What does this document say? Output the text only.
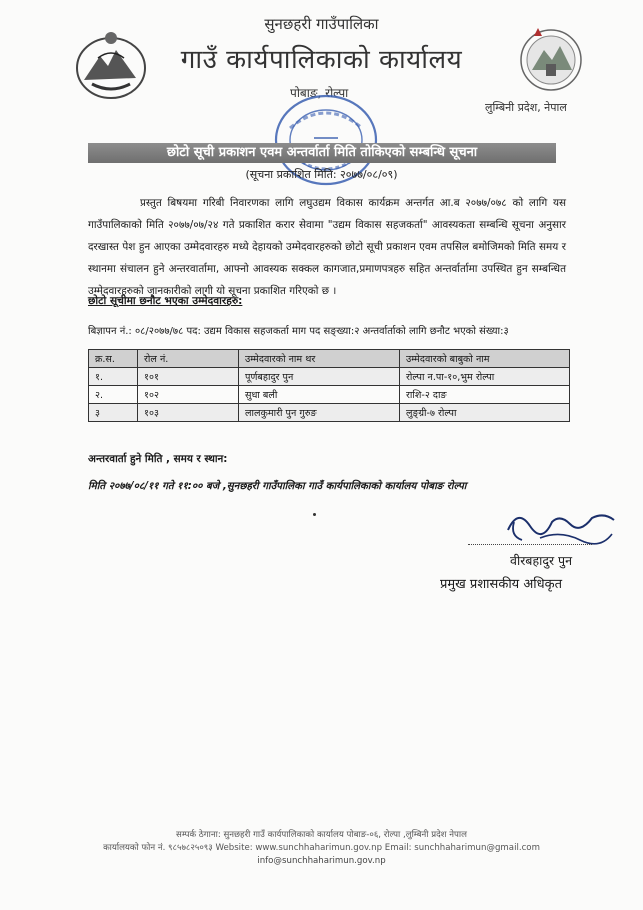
सुनछहरी गाउँपालिका
गाउँ कार्यपालिकाको कार्यालय
पोबाङ, रोल्पा
लुम्बिनी प्रदेश, नेपाल
छोटो सूची प्रकाशन एवम अन्तर्वार्ता मिति तोकिएको सम्बन्धि सूचना
(सूचना प्रकाशित मिति: २०७७/०८/०९)
प्रस्तुत बिषयमा गरिबी निवारणका लागि लघुउद्यम विकास कार्यक्रम अन्तर्गत आ.ब २०७७/०७८ को लागि यस गाउँपालिकाको मिति २०७७/०७/२४ गते प्रकाशित करार सेवामा "उद्यम विकास सहजकर्ता" आवस्यकता सम्बन्धि सूचना अनुसार दरखास्त पेश हुन आएका उम्मेदवारहरु मध्ये देहायको उम्मेदवारहरुको छोटो सूची प्रकाशन एवम तपसिल बमोजिमको मिति समय र स्थानमा संचालन हुने अन्तरवार्तामा, आफ्नो आवस्यक सक्कल कागजात,प्रमाणपत्रहरु सहित अन्तर्वार्तामा उपस्थित हुन सम्बन्धित उम्मेदवारहरुको जानकारीको लागी यो सूचना प्रकाशित गरिएको छ ।
छोटो सूचीमा छनौट भएका उम्मेदवारहरु:
बिज्ञापन नं.: ०८/२०७७/७८ पद: उद्यम विकास सहजकर्ता माग पद सङ्ख्या:२ अन्तर्वार्ताको लागि छनौट भएको संख्या:३
क्र.स.	रोल नं.	उम्मेदवारको नाम थर	उम्मेदवारको बाबुको नाम
१.	१०१	पूर्णबहादुर पुन	रोल्पा न.पा-१०,भुम रोल्पा
२.	१०२	सुधा बली	राशि-२ दाङ
३	१०३	लालकुमारी पुन गुरुङ	लुङ्ग्री-७ रोल्पा
अन्तरवार्ता हुने मिति , समय र स्थान:
मिति २०७७/०८/११ गते ११:०० बजे ,सुनछहरी गाउँपालिका गाउँ कार्यपालिकाको कार्यालय पोबाङ रोल्पा
वीरबहादुर पुन
प्रमुख प्रशासकीय अधिकृत
सम्पर्क ठेगाना: सुनछहरी गाउँ कार्यपालिकाको कार्यालय पोबाङ-०६, रोल्पा ,लुम्बिनी प्रदेश नेपाल
कार्यालयको फोन नं. ९८५७८२५०९३ Website: www.sunchhaharimun.gov.np Email: sunchhaharimun@gmail.com
info@sunchhaharimun.gov.np
